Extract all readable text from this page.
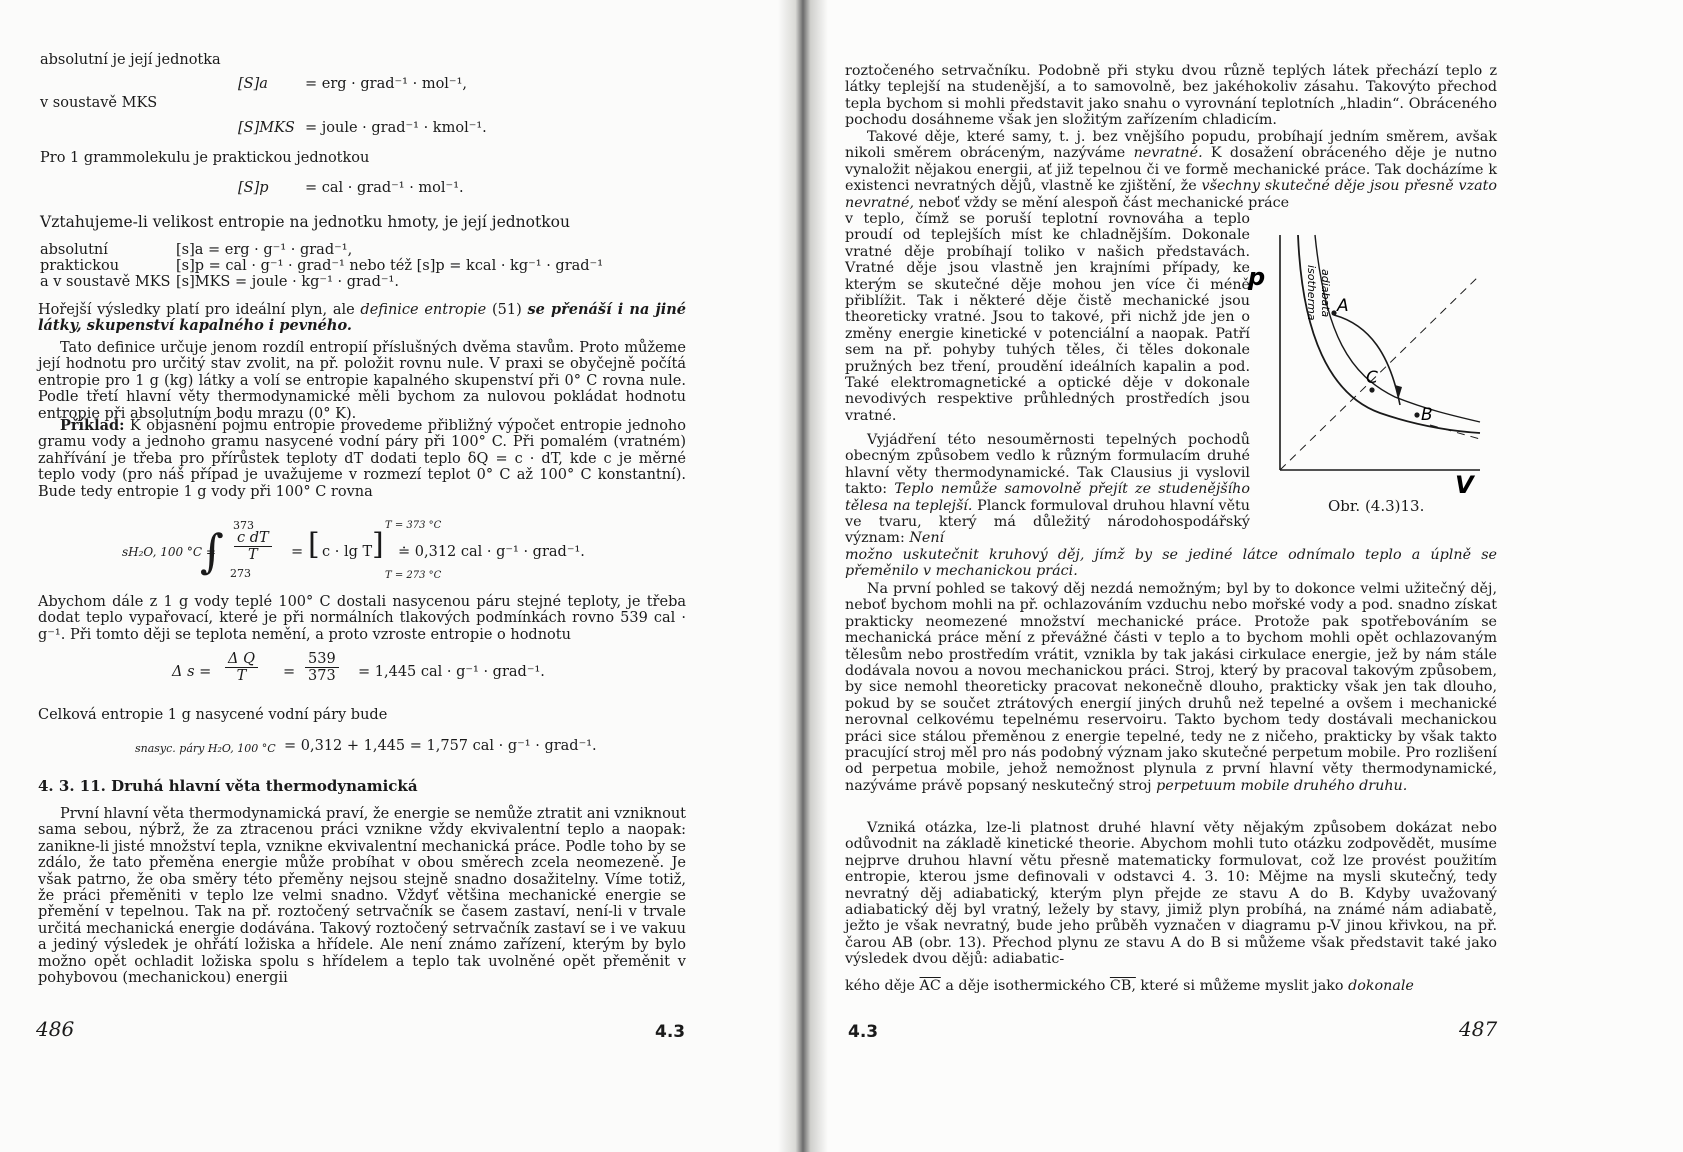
absolutní je její jednotka

[S]a	= erg · grad⁻¹ · mol⁻¹,

v soustavě MKS

[S]MKS = joule · grad⁻¹ · kmol⁻¹.

Pro 1 grammolekulu je praktickou jednotkou

[S]p	= cal · grad⁻¹ · mol⁻¹.

Vztahujeme-li velikost entropie na jednotku hmoty, je její jednotkou

absolutní	[s]a = erg · g⁻¹ · grad⁻¹,
praktickou	[s]p = cal · g⁻¹ · grad⁻¹ nebo též [s]p = kcal · kg⁻¹ · grad⁻¹
a v soustavě MKS [s]MKS = joule · kg⁻¹ · grad⁻¹.

Hořejší výsledky platí pro ideální plyn, ale definice entropie (51) se přenáší i na jiné látky, skupenství kapalného i pevného.

Tato definice určuje jenom rozdíl entropií příslušných dvěma stavům. Proto můžeme její hodnotu pro určitý stav zvolit, na př. položit rovnu nule. V praxi se obyčejně počítá entropie pro 1 g (kg) látky a volí se entropie kapalného skupenství při 0° C rovna nule. Podle třetí hlavní věty thermodynamické měli bychom za nulovou pokládat hodnotu entropie při absolutním bodu mrazu (0° K).

Příklad: K objasnění pojmu entropie provedeme přibližný výpočet entropie jednoho gramu vody a jednoho gramu nasycené vodní páry při 100° C. Při pomalém (vratném) zahřívání je třeba pro přírůstek teploty dT dodati teplo δQ = c · dT, kde c je měrné teplo vody (pro náš případ je uvažujeme v rozmezí teplot 0° C až 100° C konstantní). Bude tedy entropie 1 g vody při 100° C rovna

sH₂O, 100 °C =
373
∫ 273
$\frac{\text{c dT}}{T}$ = [ c · lg T ]
T = 373 °C
T = 273 °C
≐ 0,312 cal · g⁻¹ · grad⁻¹.

Abychom dále z 1 g vody teplé 100° C dostali nasycenou páru stejné teploty, je třeba dodat teplo vypařovací, které je při normálních tlakových podmínkách rovno 539 cal · g⁻¹. Při tomto ději se teplota nemění, a proto vzroste entropie o hodnotu

Δ $s = \frac{\text{Δ Q}}{T} = \frac{539}{373} = 1,445$ cal · g⁻¹ · grad⁻¹.

Celková entropie 1 g nasycené vodní páry bude

snasyc. páry H₂O, 100 °C = 0,312 + 1,445 = 1,757 cal · g⁻¹ · grad⁻¹.
4. 3. 11. Druhá hlavní věta thermodynamická

První hlavní věta thermodynamická praví, že energie se nemůže ztratit ani vzniknout sama sebou, nýbrž, že za ztracenou práci vznikne vždy ekvivalentní teplo a naopak: zanikne-li jisté množství tepla, vznikne ekvivalentní mechanická práce. Podle toho by se zdálo, že tato přeměna energie může probíhat v obou směrech zcela neomezeně. Je však patrno, že oba směry této přeměny nejsou stejně snadno dosažitelny. Víme totiž, že práci přeměniti v teplo lze velmi snadno. Vždyť většina mechanické energie se přemění v tepelnou. Tak na př. roztočený setrvačník se časem zastaví, není-li v trvale určitá mechanická energie dodávána. Takový roztočený setrvačník zastaví se i ve vakuu a jediný výsledek je ohřátí ložiska a hřídele. Ale není známo zařízení, kterým by bylo možno opět ochladit ložiska spolu s hřídelem a teplo tak uvolněné opět přeměnit v pohybovou (mechanickou) energii

486	4.3

roztočeného setrvačníku. Podobně při styku dvou různě teplých látek přechází teplo z látky teplejší na studenější, a to samovolně, bez jakéhokoliv zásahu. Takovýto přechod tepla bychom si mohli představit jako snahu o vyrovnání teplotních „hladin“. Obráceného pochodu dosáhneme však jen složitým zařízením chladicím.

Takové děje, které samy, t. j. bez vnějšího popudu, probíhají jedním směrem, avšak nikoli směrem obráceným, nazýváme nevratné. K dosažení obráceného děje je nutno vynaložit nějakou energii, ať již tepelnou či ve formě mechanické práce. Tak docházíme k existenci nevratných dějů, vlastně ke zjištění, že všechny skutečné děje jsou přesně vzato nevratné, neboť vždy se mění alespoň část mechanické práce

v teplo, čímž se poruší teplotní rovnováha a teplo proudí od teplejších míst ke chladnějším. Dokonale vratné děje probíhají toliko v našich představách. Vratné děje jsou vlastně jen krajními případy, ke kterým se skutečné děje mohou jen více či méně přiblížit. Tak i některé děje čistě mechanické jsou theoreticky vratné. Jsou to takové, při nichž jde jen o změny energie kinetické v potenciální a naopak. Patří sem na př. pohyby tuhých těles, či těles dokonale pružných bez tření, proudění ideálních kapalin a pod. Také elektromagnetické a optické děje v dokonale nevodivých respektive průhledných prostředích jsou vratné.

Vyjádření této nesouměrnosti tepelných pochodů obecným způsobem vedlo k různým formulacím druhé hlavní věty thermodynamické. Tak Clausius ji vyslovil takto: Teplo nemůže samovolně přejít ze studenějšího tělesa na teplejší. Planck formuloval druhou hlavní větu ve tvaru, který má důležitý národohospodářský význam: Není

možno uskutečnit kruhový děj, jímž by se jediné látce odnímalo teplo a úplně se přeměnilo v mechanickou práci.

p
V
A
C
B
adiabata
isotherma
Obr. (4.3)13.

Na první pohled se takový děj nezdá nemožným; byl by to dokonce velmi užitečný děj, neboť bychom mohli na př. ochlazováním vzduchu nebo mořské vody a pod. snadno získat prakticky neomezené množství mechanické práce. Protože pak spotřebováním se mechanická práce mění z převážné části v teplo a to bychom mohli opět ochlazovaným tělesům nebo prostředím vrátit, vznikla by tak jakási cirkulace energie, jež by nám stále dodávala novou a novou mechanickou práci. Stroj, který by pracoval takovým způsobem, by sice nemohl theoreticky pracovat nekonečně dlouho, prakticky však jen tak dlouho, pokud by se součet ztrátových energií jiných druhů než tepelné a ovšem i mechanické nerovnal celkovému tepelnému reservoiru. Takto bychom tedy dostávali mechanickou práci sice stálou přeměnou z energie tepelné, tedy ne z ničeho, prakticky by však takto pracující stroj měl pro nás podobný význam jako skutečné perpetum mobile. Pro rozlišení od perpetua mobile, jehož nemožnost plynula z první hlavní věty thermodynamické, nazýváme právě popsaný neskutečný stroj perpetuum mobile druhého druhu.

Vzniká otázka, lze-li platnost druhé hlavní věty nějakým způsobem dokázat nebo odůvodnit na základě kinetické theorie. Abychom mohli tuto otázku zodpovědět, musíme nejprve druhou hlavní větu přesně matematicky formulovat, což lze provést použitím entropie, kterou jsme definovali v odstavci 4. 3. 10: Mějme na mysli skutečný, tedy nevratný děj adiabatický, kterým plyn přejde ze stavu A do B. Kdyby uvažovaný adiabatický děj byl vratný, ležely by stavy, jimiž plyn probíhá, na známé nám adiabatě, ježto je však nevratný, bude jeho průběh vyznačen v diagramu p-V jinou křivkou, na př. čarou AB (obr. 13). Přechod plynu ze stavu A do B si můžeme však představit také jako výsledek dvou dějů: adiabatic-

kého děje $\overline{AC}$ a děje isothermického CB, které si můžeme myslit jako dokonale

4.3	487
